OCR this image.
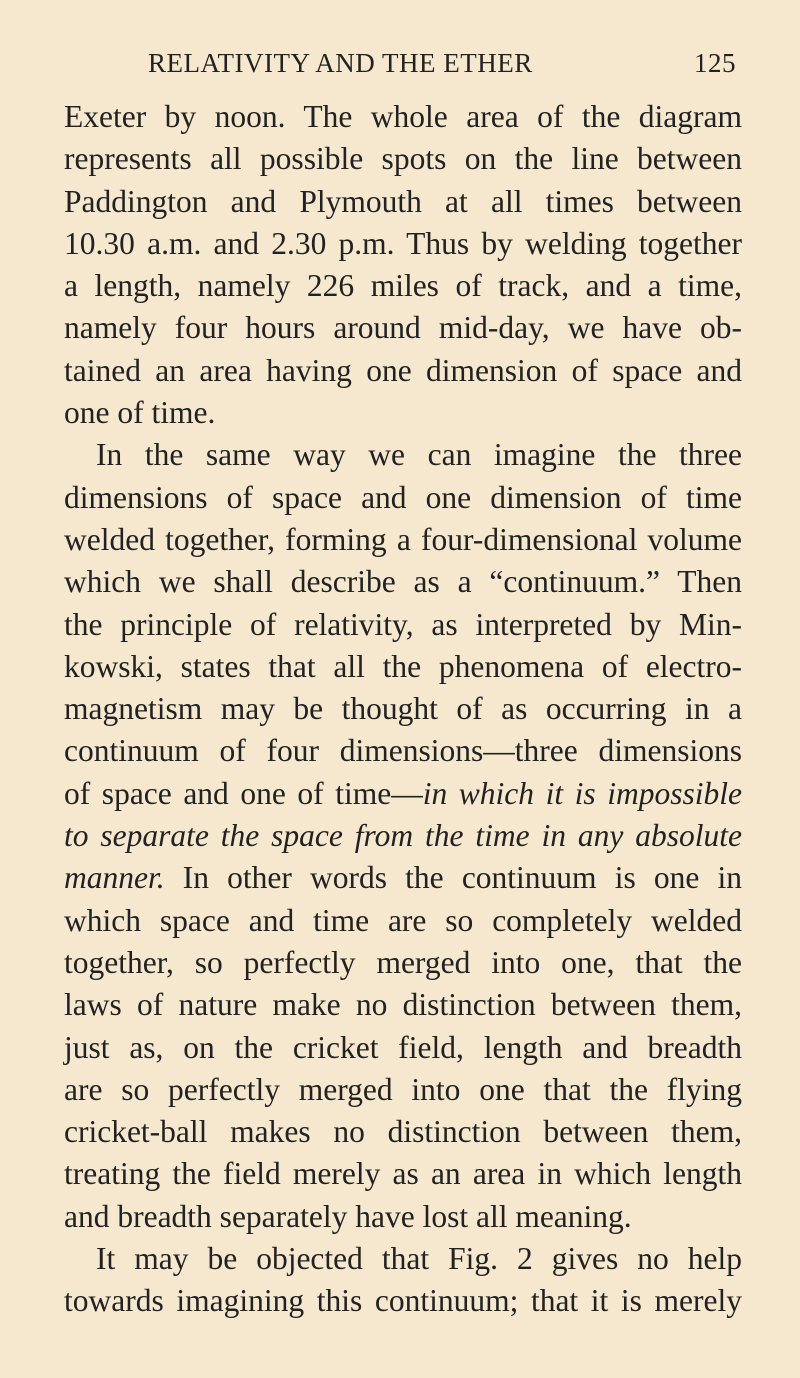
RELATIVITY AND THE ETHER	125
Exeter by noon. The whole area of the diagram
represents all possible spots on the line between
Paddington and Plymouth at all times between
10.30 a.m. and 2.30 p.m. Thus by welding together
a length, namely 226 miles of track, and a time,
namely four hours around mid-day, we have ob-
tained an area having one dimension of space and
one of time.
In the same way we can imagine the three
dimensions of space and one dimension of time
welded together, forming a four-dimensional volume
which we shall describe as a “continuum.” Then
the principle of relativity, as interpreted by Min-
kowski, states that all the phenomena of electro-
magnetism may be thought of as occurring in a
continuum of four dimensions—three dimensions
of space and one of time—in which it is impossible
to separate the space from the time in any absolute
manner. In other words the continuum is one in
which space and time are so completely welded
together, so perfectly merged into one, that the
laws of nature make no distinction between them,
just as, on the cricket field, length and breadth
are so perfectly merged into one that the flying
cricket-ball makes no distinction between them,
treating the field merely as an area in which length
and breadth separately have lost all meaning.
It may be objected that Fig. 2 gives no help
towards imagining this continuum; that it is merely
